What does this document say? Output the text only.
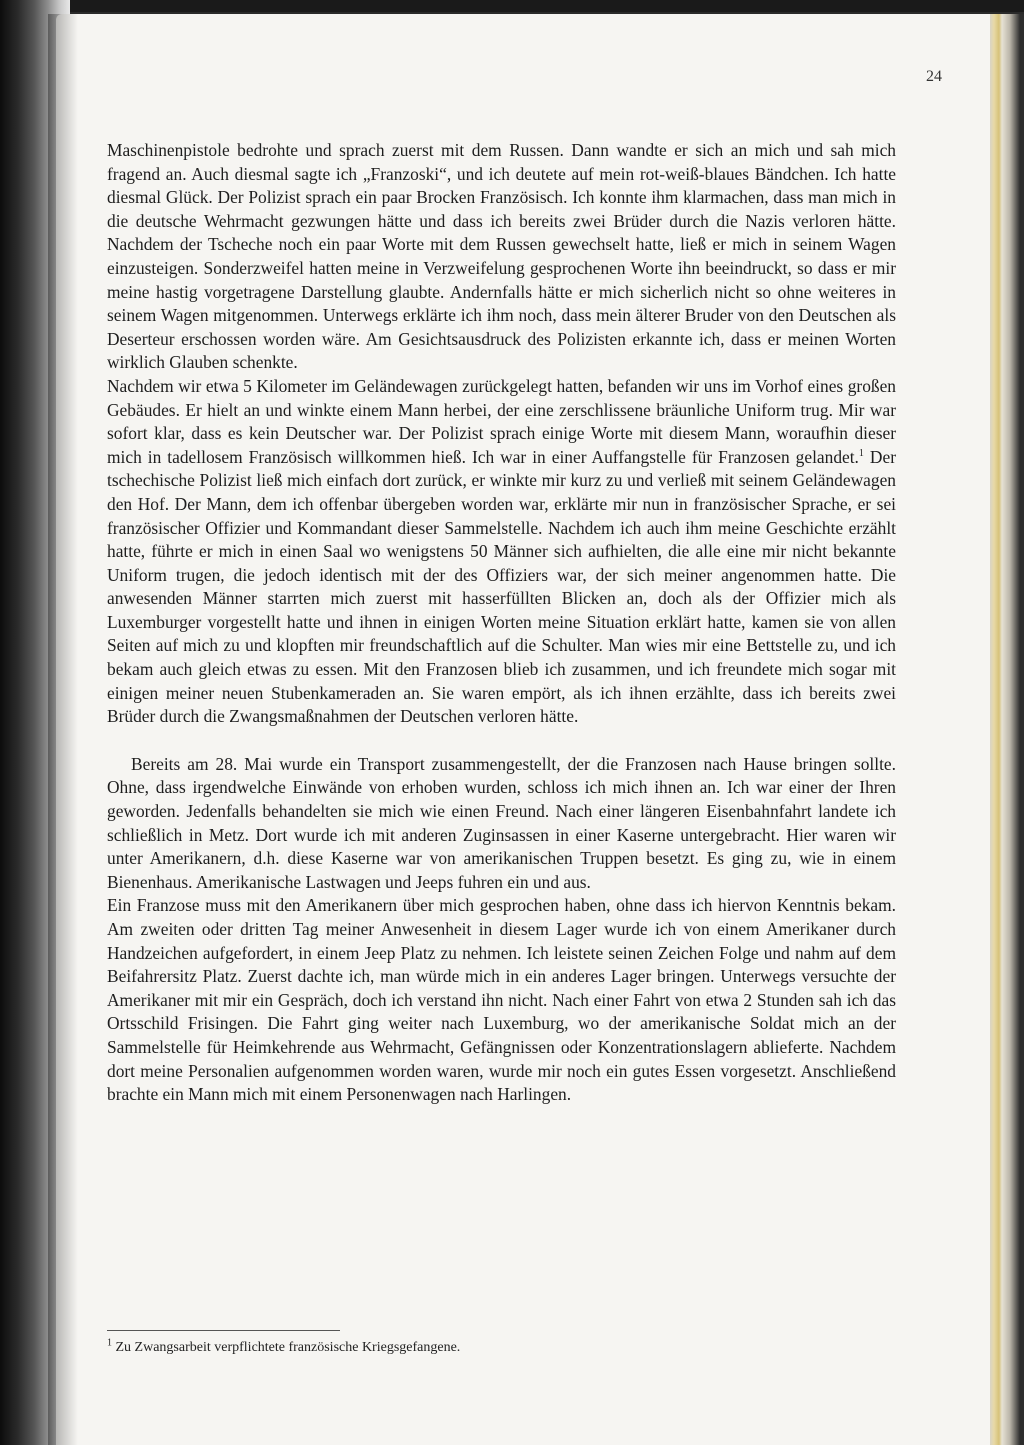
24

Maschinenpistole bedrohte und sprach zuerst mit dem Russen. Dann wandte er sich an mich und sah mich fragend an. Auch diesmal sagte ich „Franzoski“, und ich deutete auf mein rot-weiß-blaues Bändchen. Ich hatte diesmal Glück. Der Polizist sprach ein paar Brocken Französisch. Ich konnte ihm klarmachen, dass man mich in die deutsche Wehrmacht gezwungen hätte und dass ich bereits zwei Brüder durch die Nazis verloren hätte. Nachdem der Tscheche noch ein paar Worte mit dem Russen gewechselt hatte, ließ er mich in seinem Wagen einzusteigen. Sonderzweifel hatten meine in Verzweifelung gesprochenen Worte ihn beeindruckt, so dass er mir meine hastig vorgetragene Darstellung glaubte. Andernfalls hätte er mich sicherlich nicht so ohne weiteres in seinem Wagen mitgenommen. Unterwegs erklärte ich ihm noch, dass mein älterer Bruder von den Deutschen als Deserteur erschossen worden wäre. Am Gesichtsausdruck des Polizisten erkannte ich, dass er meinen Worten wirklich Glauben schenkte.

Nachdem wir etwa 5 Kilometer im Geländewagen zurückgelegt hatten, befanden wir uns im Vorhof eines großen Gebäudes. Er hielt an und winkte einem Mann herbei, der eine zerschlissene bräunliche Uniform trug. Mir war sofort klar, dass es kein Deutscher war. Der Polizist sprach einige Worte mit diesem Mann, woraufhin dieser mich in tadellosem Französisch willkommen hieß. Ich war in einer Auffangstelle für Franzosen gelandet.$^1$ Der tschechische Polizist ließ mich einfach dort zurück, er winkte mir kurz zu und verließ mit seinem Geländewagen den Hof. Der Mann, dem ich offenbar übergeben worden war, erklärte mir nun in französischer Sprache, er sei französischer Offizier und Kommandant dieser Sammelstelle. Nachdem ich auch ihm meine Geschichte erzählt hatte, führte er mich in einen Saal wo wenigstens 50 Männer sich aufhielten, die alle eine mir nicht bekannte Uniform trugen, die jedoch identisch mit der des Offiziers war, der sich meiner angenommen hatte. Die anwesenden Männer starrten mich zuerst mit hasserfüllten Blicken an, doch als der Offizier mich als Luxemburger vorgestellt hatte und ihnen in einigen Worten meine Situation erklärt hatte, kamen sie von allen Seiten auf mich zu und klopften mir freundschaftlich auf die Schulter. Man wies mir eine Bettstelle zu, und ich bekam auch gleich etwas zu essen. Mit den Franzosen blieb ich zusammen, und ich freundete mich sogar mit einigen meiner neuen Stubenkameraden an. Sie waren empört, als ich ihnen erzählte, dass ich bereits zwei Brüder durch die Zwangsmaßnahmen der Deutschen verloren hätte.

Bereits am 28. Mai wurde ein Transport zusammengestellt, der die Franzosen nach Hause bringen sollte. Ohne, dass irgendwelche Einwände von erhoben wurden, schloss ich mich ihnen an. Ich war einer der Ihren geworden. Jedenfalls behandelten sie mich wie einen Freund. Nach einer längeren Eisenbahnfahrt landete ich schließlich in Metz. Dort wurde ich mit anderen Zuginsassen in einer Kaserne untergebracht. Hier waren wir unter Amerikanern, d.h. diese Kaserne war von amerikanischen Truppen besetzt. Es ging zu, wie in einem Bienenhaus. Amerikanische Lastwagen und Jeeps fuhren ein und aus.

Ein Franzose muss mit den Amerikanern über mich gesprochen haben, ohne dass ich hiervon Kenntnis bekam. Am zweiten oder dritten Tag meiner Anwesenheit in diesem Lager wurde ich von einem Amerikaner durch Handzeichen aufgefordert, in einem Jeep Platz zu nehmen. Ich leistete seinen Zeichen Folge und nahm auf dem Beifahrersitz Platz. Zuerst dachte ich, man würde mich in ein anderes Lager bringen. Unterwegs versuchte der Amerikaner mit mir ein Gespräch, doch ich verstand ihn nicht. Nach einer Fahrt von etwa 2 Stunden sah ich das Ortsschild Frisingen. Die Fahrt ging weiter nach Luxemburg, wo der amerikanische Soldat mich an der Sammelstelle für Heimkehrende aus Wehrmacht, Gefängnissen oder Konzentrationslagern ablieferte. Nachdem dort meine Personalien aufgenommen worden waren, wurde mir noch ein gutes Essen vorgesetzt. Anschließend brachte ein Mann mich mit einem Personenwagen nach Harlingen.

$^1$ Zu Zwangsarbeit verpflichtete französische Kriegsgefangene.
